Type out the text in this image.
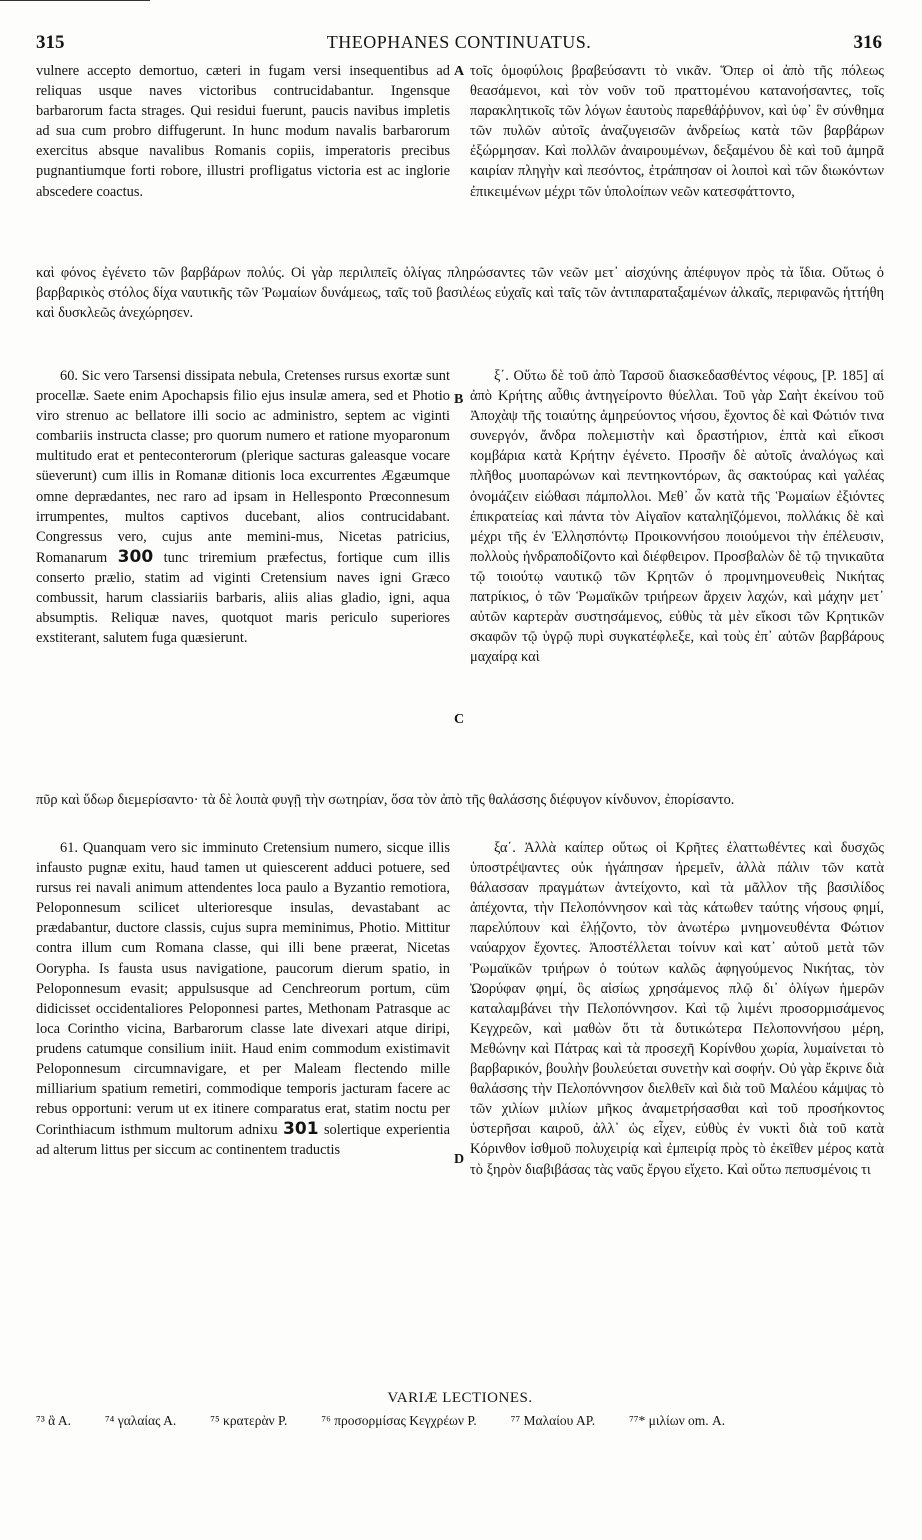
315	THEOPHANES CONTINUATUS.	316

vulnere accepto demortuo, cæteri in fugam versi insequentibus ad reliquas usque naves victoribus contrucidabantur. Ingensque barbarorum facta strages. Qui residui fuerunt, paucis navibus impletis ad sua cum probro diffugerunt. In hunc modum navalis barbarorum exercitus absque navalibus Romanis copiis, imperatoris precibus pugnantiumque forti robore, illustri profligatus victoria est ac inglorie abscedere coactus.

τοῖς ὁμοφύλοις βραβεύσαντι τὸ νικᾶν. Ὅπερ οἱ ἀπὸ τῆς πόλεως θεασάμενοι, καὶ τὸν νοῦν τοῦ πραττομένου κατανοήσαντες, τοῖς παρακλητικοῖς τῶν λόγων ἑαυτοὺς παρεθάῤῥυνον, καὶ ὑφ᾽ ἓν σύνθημα τῶν πυλῶν αὐτοῖς ἀναζυγεισῶν ἀνδρείως κατὰ τῶν βαρβάρων ἐξώρμησαν. Καὶ πολλῶν ἀναιρουμένων, δεξαμένου δὲ καὶ τοῦ ἀμηρᾶ καιρίαν πληγὴν καὶ πεσόντος, ἐτράπησαν οἱ λοιποὶ καὶ τῶν διωκόντων ἐπικειμένων μέχρι τῶν ὑπολοίπων νεῶν κατεσφάττοντο,

A

καὶ φόνος ἐγένετο τῶν βαρβάρων πολύς. Οἱ γὰρ περιλιπεῖς ὀλίγας πληρώσαντες τῶν νεῶν μετ᾽ αἰσχύνης ἀπέφυγον πρὸς τὰ ἴδια. Οὕτως ὁ βαρβαρικὸς στόλος δίχα ναυτικῆς τῶν Ῥωμαίων δυνάμεως, ταῖς τοῦ βασιλέως εὐχαῖς καὶ ταῖς τῶν ἀντιπαραταξαμένων ἀλκαῖς, περιφανῶς ἡττήθη καὶ δυσκλεῶς ἀνεχώρησεν.

60. Sic vero Tarsensi dissipata nebula, Cretenses rursus exortæ sunt procellæ. Saete enim Apochapsis filio ejus insulæ amera, sed et Photio viro strenuo ac bellatore illi socio ac administro, septem ac viginti combariis instructa classe; pro quorum numero et ratione myoparonum multitudo erat et penteconterorum (plerique sacturas galeasque vocare süeverunt) cum illis in Romanæ ditionis loca excurrentes Ægæumque omne deprædantes, nec raro ad ipsam in Hellesponto Prœconnesum irrumpentes, multos captivos ducebant, alios contrucidabant. Congressus vero, cujus ante memini-mus, Nicetas patricius, Romanarum 300 tunc triremium præfectus, fortique cum illis conserto prælio, statim ad viginti Cretensium naves igni Græco combussit, harum classiariis barbaris, aliis alias gladio, igni, aqua absumptis. Reliquæ naves, quotquot maris periculo superiores exstiterant, salutem fuga quæsierunt.

ξ΄. Οὕτω δὲ τοῦ ἀπὸ Ταρσοῦ διασκεδασθέντος νέφους, [P. 185] αἱ ἀπὸ Κρήτης αὖθις ἀντηγείροντο θύελλαι. Τοῦ γὰρ Σαὴτ ἐκείνου τοῦ Ἀποχὰψ τῆς τοιαύτης ἀμηρεύοντος νήσου, ἔχοντος δὲ καὶ Φώτιόν τινα συνεργόν, ἄνδρα πολεμιστὴν καὶ δραστήριον, ἑπτὰ καὶ εἴκοσι κομβάρια κατὰ Κρήτην ἐγένετο. Προσῆν δὲ αὐτοῖς ἀναλόγως καὶ πλῆθος μυοπαρώνων καὶ πεντηκοντόρων, ἃς σακτούρας καὶ γαλέας ὀνομάζειν εἰώθασι πάμπολλοι. Μεθ᾽ ὧν κατὰ τῆς Ῥωμαίων ἐξιόντες ἐπικρατείας καὶ πάντα τὸν Αἰγαῖον καταληϊζόμενοι, πολλάκις δὲ καὶ μέχρι τῆς ἐν Ἑλλησπόντῳ Προικοννήσου ποιούμενοι τὴν ἐπέλευσιν, πολλοὺς ἠνδραποδίζοντο καὶ διέφθειρον. Προσβαλὼν δὲ τῷ τηνικαῦτα τῷ τοιούτῳ ναυτικῷ τῶν Κρητῶν ὁ προμνημονευθεὶς Νικήτας πατρίκιος, ὁ τῶν Ῥωμαϊκῶν τριήρεων ἄρχειν λαχών, καὶ μάχην μετ᾽ αὐτῶν καρτερὰν συστησάμενος, εὐθὺς τὰ μὲν εἴκοσι τῶν Κρητικῶν σκαφῶν τῷ ὑγρῷ πυρὶ συγκατέφλεξε, καὶ τοὺς ἐπ᾽ αὐτῶν βαρβάρους μαχαίρᾳ καὶ

B
C

πῦρ καὶ ὕδωρ διεμερίσαντο· τὰ δὲ λοιπὰ φυγῇ τὴν σωτηρίαν, ὅσα τὸν ἀπὸ τῆς θαλάσσης διέφυγον κίνδυνον, ἐπορίσαντο.

61. Quanquam vero sic imminuto Cretensium numero, sicque illis infausto pugnæ exitu, haud tamen ut quiescerent adduci potuere, sed rursus rei navali animum attendentes loca paulo a Byzantio remotiora, Peloponnesum scilicet ulterioresque insulas, devastabant ac prædabantur, ductore classis, cujus supra meminimus, Photio. Mittitur contra illum cum Romana classe, qui illi bene præerat, Nicetas Oorypha. Is fausta usus navigatione, paucorum dierum spatio, in Peloponnesum evasit; appulsusque ad Cenchreorum portum, cüm didicisset occidentaliores Peloponnesi partes, Methonam Patrasque ac loca Corintho vicina, Barbarorum classe late divexari atque diripi, prudens catumque consilium iniit. Haud enim commodum existimavit Peloponnesum circumnavigare, et per Maleam flectendo mille milliarium spatium remetiri, commodique temporis jacturam facere ac rebus opportuni: verum ut ex itinere comparatus erat, statim noctu per Corinthiacum isthmum multorum adnixu 301 solertique experientia ad alterum littus per siccum ac continentem traductis

ξα΄. Ἀλλὰ καίπερ οὕτως οἱ Κρῆτες ἐλαττωθέντες καὶ δυσχῶς ὑποστρέψαντες οὐκ ἠγάπησαν ἠρεμεῖν, ἀλλὰ πάλιν τῶν κατὰ θάλασσαν πραγμάτων ἀντείχοντο, καὶ τὰ μᾶλλον τῆς βασιλίδος ἀπέχοντα, τὴν Πελοπόννησον καὶ τὰς κάτωθεν ταύτης νήσους φημί, παρελύπουν καὶ ἐλῄζοντο, τὸν ἀνωτέρω μνημονευθέντα Φώτιον ναύαρχον ἔχοντες. Ἀποστέλλεται τοίνυν καὶ κατ᾽ αὐτοῦ μετὰ τῶν Ῥωμαϊκῶν τριήρων ὁ τούτων καλῶς ἀφηγούμενος Νικήτας, τὸν Ὠορύφαν φημί, ὃς αἰσίως χρησάμενος πλῷ δι᾽ ὀλίγων ἡμερῶν καταλαμβάνει τὴν Πελοπόννησον. Καὶ τῷ λιμένι προσορμισάμενος Κεγχρεῶν, καὶ μαθὼν ὅτι τὰ δυτικώτερα Πελοποννήσου μέρη, Μεθώνην καὶ Πάτρας καὶ τὰ προσεχῆ Κορίνθου χωρία, λυμαίνεται τὸ βαρβαρικόν, βουλὴν βουλεύεται συνετὴν καὶ σοφήν. Οὐ γὰρ ἔκρινε διὰ θαλάσσης τὴν Πελοπόννησον διελθεῖν καὶ διὰ τοῦ Μαλέου κάμψας τὸ τῶν χιλίων μιλίων μῆκος ἀναμετρήσασθαι καὶ τοῦ προσήκοντος ὑστερῆσαι καιροῦ, ἀλλ᾽ ὡς εἶχεν, εὐθὺς ἐν νυκτὶ διὰ τοῦ κατὰ Κόρινθον ἰσθμοῦ πολυχειρίᾳ καὶ ἐμπειρίᾳ πρὸς τὸ ἐκεῖθεν μέρος κατὰ τὸ ξηρὸν διαβιβάσας τὰς ναῦς ἔργου εἴχετο. Καὶ οὕτω πεπυσμένοις τι

D
VARIÆ LECTIONES.
⁷³ ἃ Α.	⁷⁴ γαλαίας Α.	⁷⁵ κρατερὰν Ρ.	⁷⁶ προσορμίσας Κεγχρέων Ρ.	⁷⁷ Μαλαίου ΑΡ.	⁷⁷* μιλίων om. Α.
